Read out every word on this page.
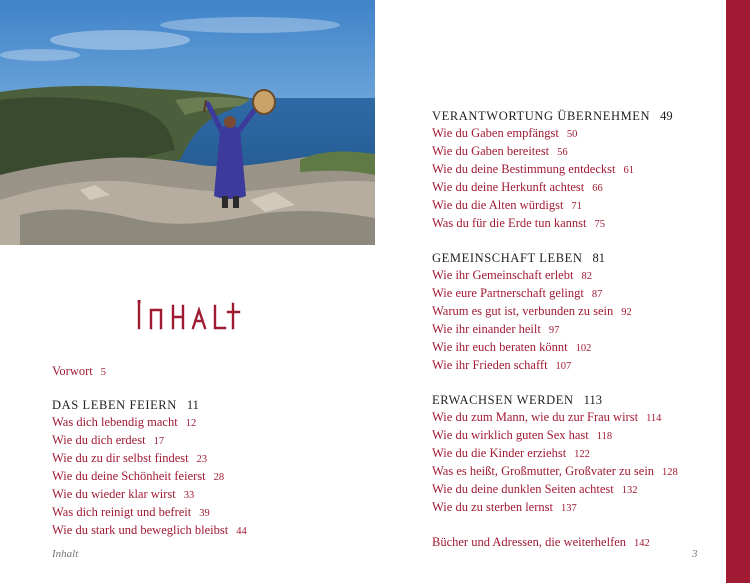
Vorwort 5
DAS LEBEN FEIERN 11
Was dich lebendig macht 12
Wie du dich erdest 17
Wie du zu dir selbst findest 23
Wie du deine Schönheit feierst 28
Wie du wieder klar wirst 33
Was dich reinigt und befreit 39
Wie du stark und beweglich bleibst 44
VERANTWORTUNG ÜBERNEHMEN 49
Wie du Gaben empfängst 50
Wie du Gaben bereitest 56
Wie du deine Bestimmung entdeckst 61
Wie du deine Herkunft achtest 66
Wie du die Alten würdigst 71
Was du für die Erde tun kannst 75
GEMEINSCHAFT LEBEN 81
Wie ihr Gemeinschaft erlebt 82
Wie eure Partnerschaft gelingt 87
Warum es gut ist, verbunden zu sein 92
Wie ihr einander heilt 97
Wie ihr euch beraten könnt 102
Wie ihr Frieden schafft 107
ERWACHSEN WERDEN 113
Wie du zum Mann, wie du zur Frau wirst 114
Wie du wirklich guten Sex hast 118
Wie du die Kinder erziehst 122
Was es heißt, Großmutter, Großvater zu sein 128
Wie du deine dunklen Seiten achtest 132
Wie du zu sterben lernst 137
Bücher und Adressen, die weiterhelfen 142
Inhalt	3
